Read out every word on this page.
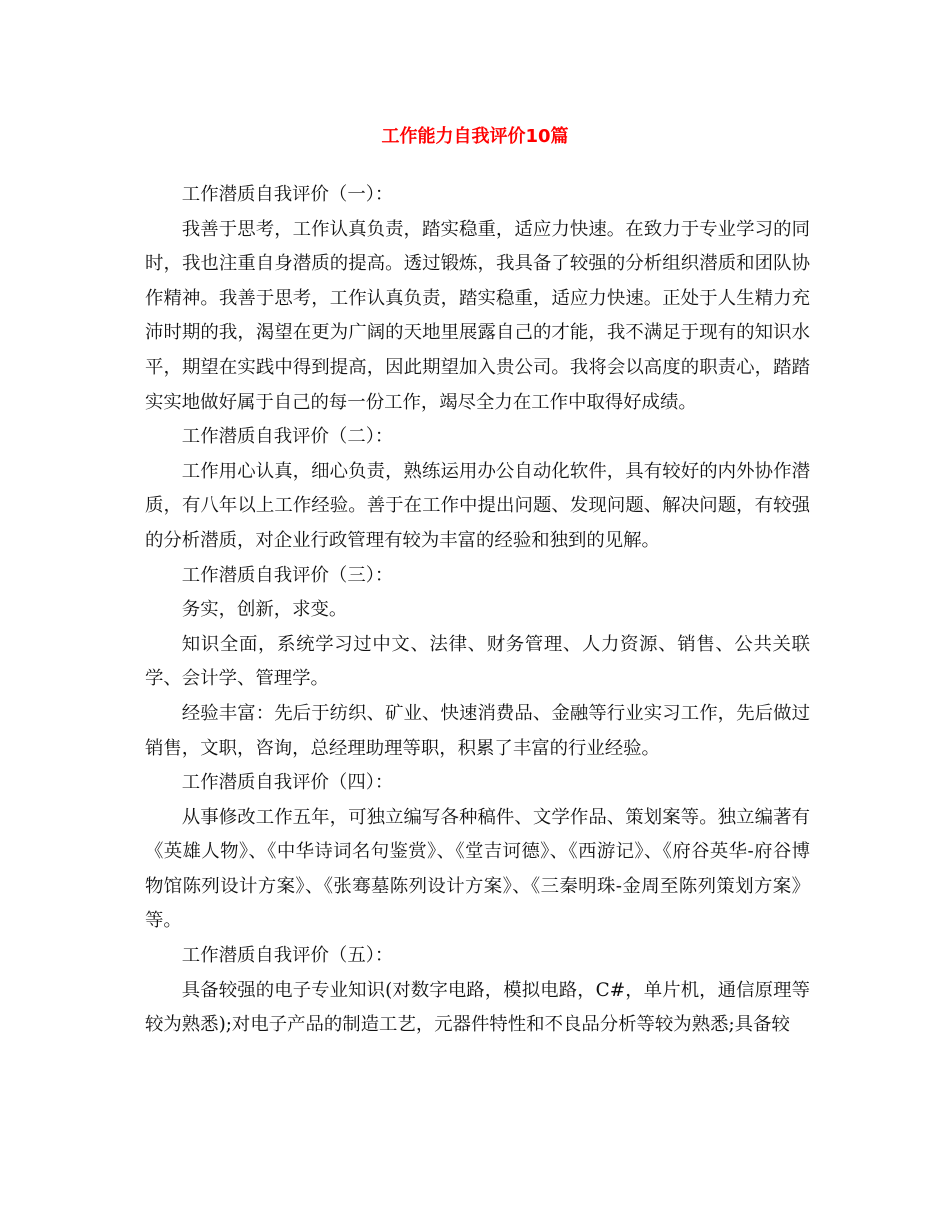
工作能力自我评价10篇

工作潜质自我评价（一）：

我善于思考，工作认真负责，踏实稳重，适应力快速。在致力于专业学习的同时，我也注重自身潜质的提高。透过锻炼，我具备了较强的分析组织潜质和团队协作精神。我善于思考，工作认真负责，踏实稳重，适应力快速。正处于人生精力充沛时期的我，渴望在更为广阔的天地里展露自己的才能，我不满足于现有的知识水平，期望在实践中得到提高，因此期望加入贵公司。我将会以高度的职责心，踏踏实实地做好属于自己的每一份工作，竭尽全力在工作中取得好成绩。

工作潜质自我评价（二）：

工作用心认真，细心负责，熟练运用办公自动化软件，具有较好的内外协作潜质，有八年以上工作经验。善于在工作中提出问题、发现问题、解决问题，有较强的分析潜质，对企业行政管理有较为丰富的经验和独到的见解。

工作潜质自我评价（三）：

务实，创新，求变。

知识全面，系统学习过中文、法律、财务管理、人力资源、销售、公共关联学、会计学、管理学。

经验丰富：先后于纺织、矿业、快速消费品、金融等行业实习工作，先后做过销售，文职，咨询，总经理助理等职，积累了丰富的行业经验。

工作潜质自我评价（四）：

从事修改工作五年，可独立编写各种稿件、文学作品、策划案等。独立编著有《英雄人物》、《中华诗词名句鉴赏》、《堂吉诃德》、《西游记》、《府谷英华-府谷博物馆陈列设计方案》、《张骞墓陈列设计方案》、《三秦明珠-金周至陈列策划方案》等。

工作潜质自我评价（五）：

具备较强的电子专业知识(对数字电路，模拟电路，C#，单片机，通信原理等较为熟悉);对电子产品的制造工艺，元器件特性和不良品分析等较为熟悉;具备较
